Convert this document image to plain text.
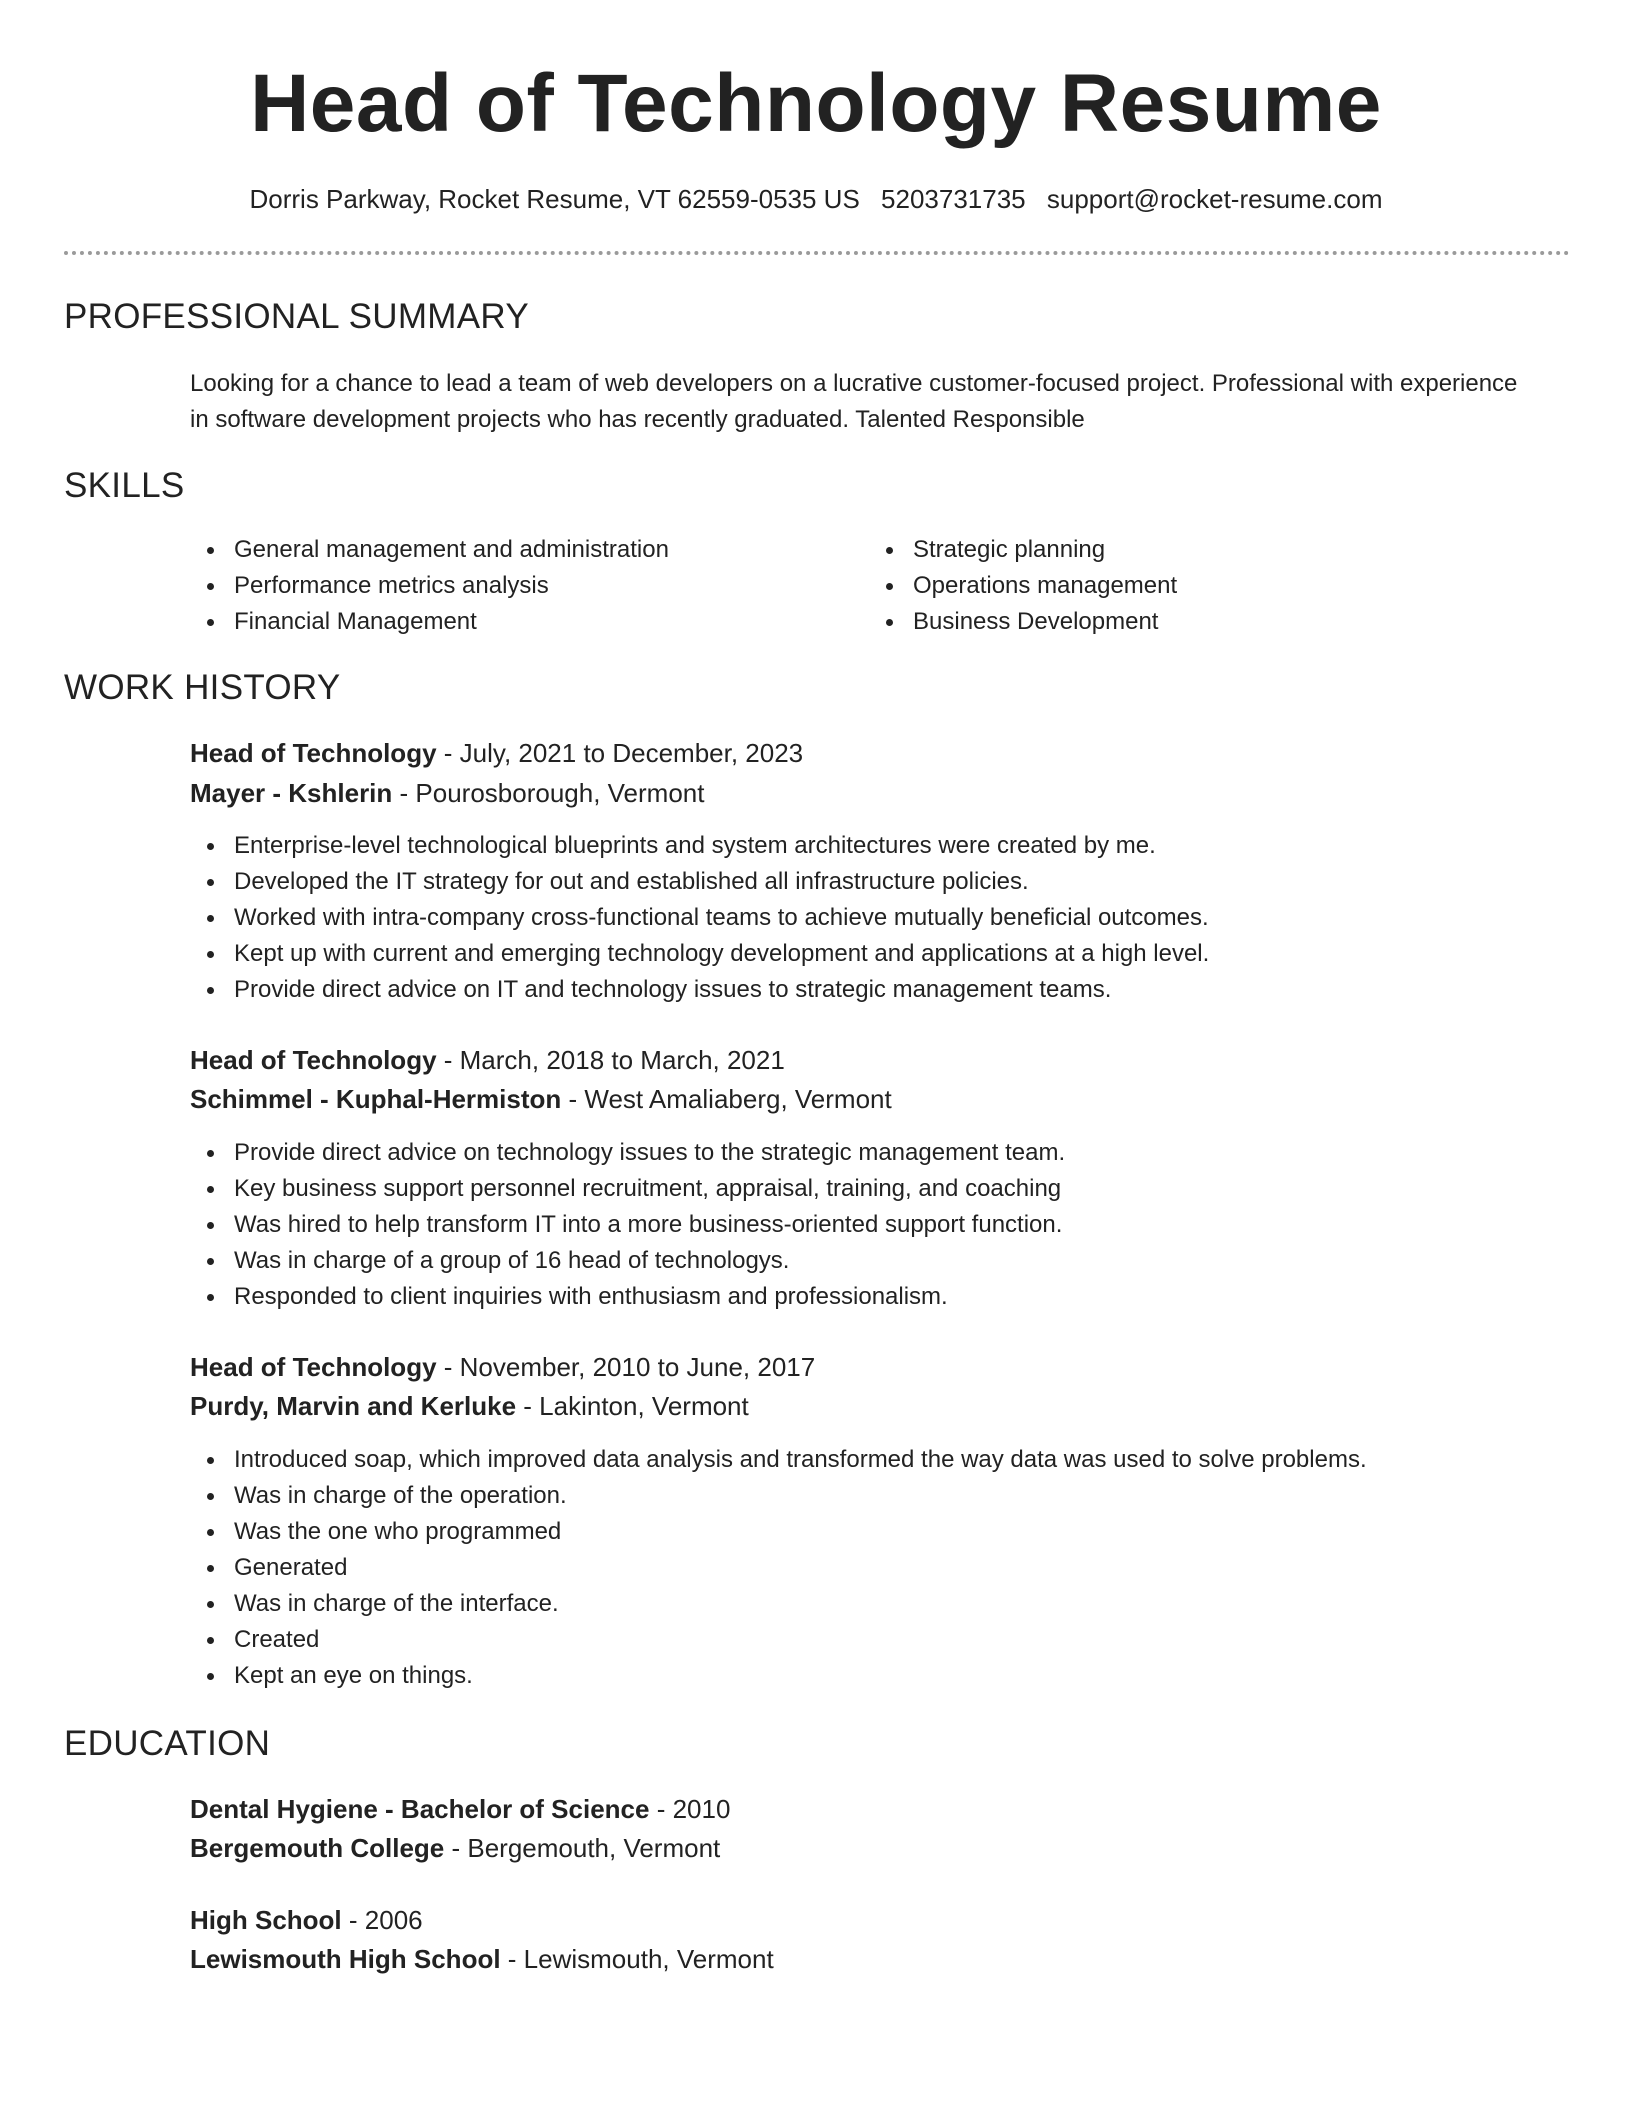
Head of Technology Resume
Dorris Parkway, Rocket Resume, VT 62559-0535 US 5203731735 support@rocket-resume.com
PROFESSIONAL SUMMARY

Looking for a chance to lead a team of web developers on a lucrative customer-focused project. Professional with experience in software development projects who has recently graduated. Talented Responsible

SKILLS
General management and administration
Performance metrics analysis
Financial Management
Strategic planning
Operations management
Business Development
WORK HISTORY
Head of Technology - July, 2021 to December, 2023
Mayer - Kshlerin - Pourosborough, Vermont
Enterprise-level technological blueprints and system architectures were created by me.
Developed the IT strategy for out and established all infrastructure policies.
Worked with intra-company cross-functional teams to achieve mutually beneficial outcomes.
Kept up with current and emerging technology development and applications at a high level.
Provide direct advice on IT and technology issues to strategic management teams.
Head of Technology - March, 2018 to March, 2021
Schimmel - Kuphal-Hermiston - West Amaliaberg, Vermont
Provide direct advice on technology issues to the strategic management team.
Key business support personnel recruitment, appraisal, training, and coaching
Was hired to help transform IT into a more business-oriented support function.
Was in charge of a group of 16 head of technologys.
Responded to client inquiries with enthusiasm and professionalism.
Head of Technology - November, 2010 to June, 2017
Purdy, Marvin and Kerluke - Lakinton, Vermont
Introduced soap, which improved data analysis and transformed the way data was used to solve problems.
Was in charge of the operation.
Was the one who programmed
Generated
Was in charge of the interface.
Created
Kept an eye on things.
EDUCATION
Dental Hygiene - Bachelor of Science - 2010
Bergemouth College - Bergemouth, Vermont
High School - 2006
Lewismouth High School - Lewismouth, Vermont
